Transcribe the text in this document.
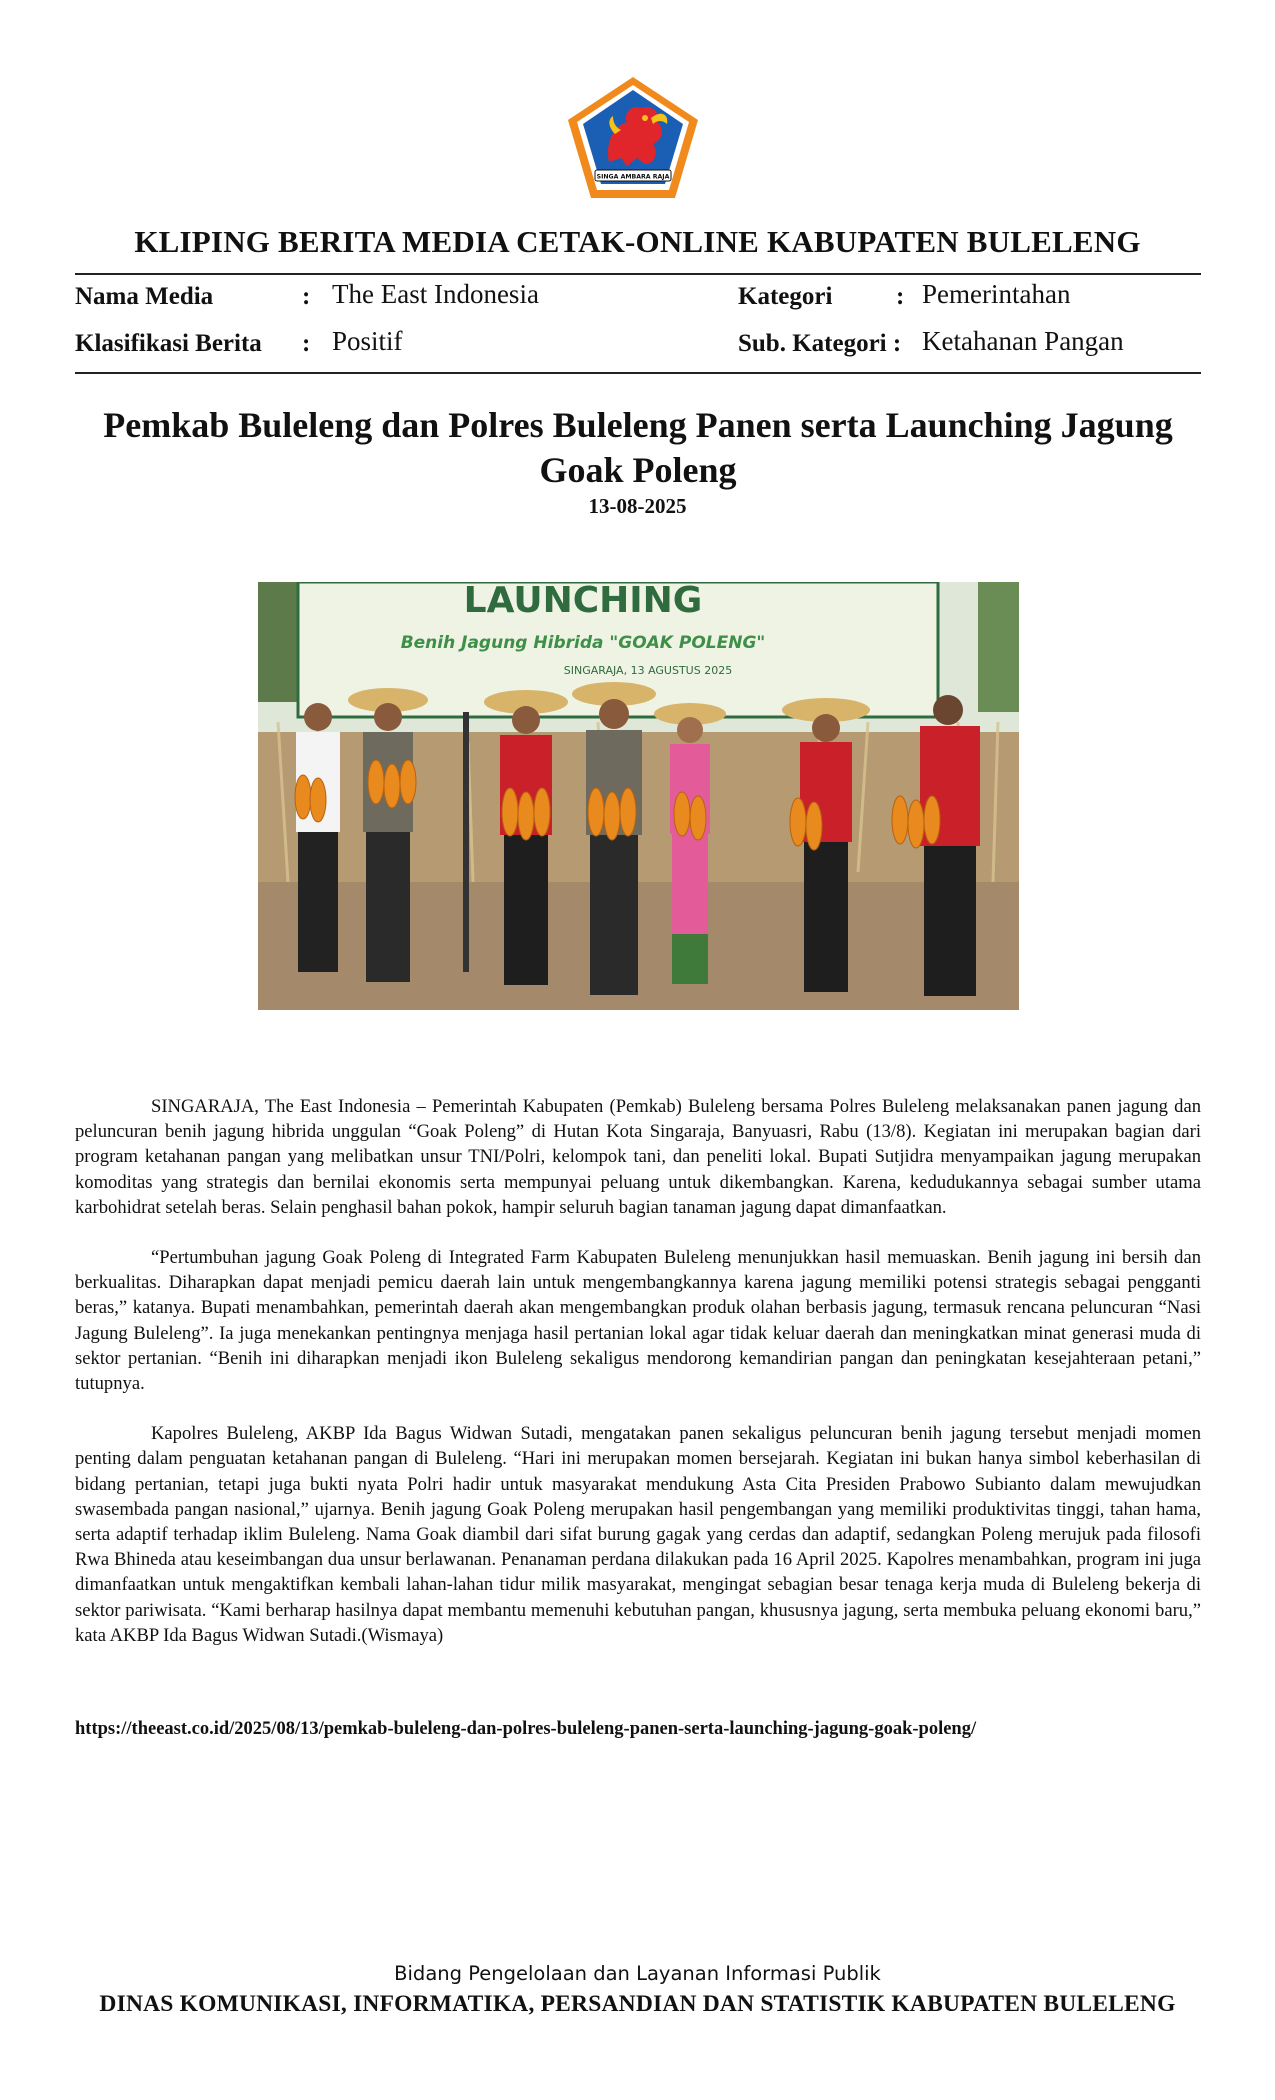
SINGA AMBARA RAJA
KLIPING BERITA MEDIA CETAK-ONLINE KABUPATEN BULELENG
Nama Media	: The East Indonesia	Kategori	: Pemerintahan
Klasifikasi Berita : Positif	Sub. Kategori : Ketahanan Pangan
Pemkab Buleleng dan Polres Buleleng Panen serta Launching Jagung Goak Poleng
13-08-2025
LAUNCHING
Benih Jagung Hibrida "GOAK POLENG"
SINGARAJA, 13 AGUSTUS 2025

SINGARAJA, The East Indonesia – Pemerintah Kabupaten (Pemkab) Buleleng bersama Polres Buleleng melaksanakan panen jagung dan peluncuran benih jagung hibrida unggulan “Goak Poleng” di Hutan Kota Singaraja, Banyuasri, Rabu (13/8). Kegiatan ini merupakan bagian dari program ketahanan pangan yang melibatkan unsur TNI/Polri, kelompok tani, dan peneliti lokal. Bupati Sutjidra menyampaikan jagung merupakan komoditas yang strategis dan bernilai ekonomis serta mempunyai peluang untuk dikembangkan. Karena, kedudukannya sebagai sumber utama karbohidrat setelah beras. Selain penghasil bahan pokok, hampir seluruh bagian tanaman jagung dapat dimanfaatkan.

“Pertumbuhan jagung Goak Poleng di Integrated Farm Kabupaten Buleleng menunjukkan hasil memuaskan. Benih jagung ini bersih dan berkualitas. Diharapkan dapat menjadi pemicu daerah lain untuk mengembangkannya karena jagung memiliki potensi strategis sebagai pengganti beras,” katanya. Bupati menambahkan, pemerintah daerah akan mengembangkan produk olahan berbasis jagung, termasuk rencana peluncuran “Nasi Jagung Buleleng”. Ia juga menekankan pentingnya menjaga hasil pertanian lokal agar tidak keluar daerah dan meningkatkan minat generasi muda di sektor pertanian. “Benih ini diharapkan menjadi ikon Buleleng sekaligus mendorong kemandirian pangan dan peningkatan kesejahteraan petani,” tutupnya.

Kapolres Buleleng, AKBP Ida Bagus Widwan Sutadi, mengatakan panen sekaligus peluncuran benih jagung tersebut menjadi momen penting dalam penguatan ketahanan pangan di Buleleng. “Hari ini merupakan momen bersejarah. Kegiatan ini bukan hanya simbol keberhasilan di bidang pertanian, tetapi juga bukti nyata Polri hadir untuk masyarakat mendukung Asta Cita Presiden Prabowo Subianto dalam mewujudkan swasembada pangan nasional,” ujarnya. Benih jagung Goak Poleng merupakan hasil pengembangan yang memiliki produktivitas tinggi, tahan hama, serta adaptif terhadap iklim Buleleng. Nama Goak diambil dari sifat burung gagak yang cerdas dan adaptif, sedangkan Poleng merujuk pada filosofi Rwa Bhineda atau keseimbangan dua unsur berlawanan. Penanaman perdana dilakukan pada 16 April 2025. Kapolres menambahkan, program ini juga dimanfaatkan untuk mengaktifkan kembali lahan-lahan tidur milik masyarakat, mengingat sebagian besar tenaga kerja muda di Buleleng bekerja di sektor pariwisata. “Kami berharap hasilnya dapat membantu memenuhi kebutuhan pangan, khususnya jagung, serta membuka peluang ekonomi baru,” kata AKBP Ida Bagus Widwan Sutadi.(Wismaya)

https://theeast.co.id/2025/08/13/pemkab-buleleng-dan-polres-buleleng-panen-serta-launching-jagung-goak-poleng/
Bidang Pengelolaan dan Layanan Informasi Publik
DINAS KOMUNIKASI, INFORMATIKA, PERSANDIAN DAN STATISTIK KABUPATEN BULELENG
